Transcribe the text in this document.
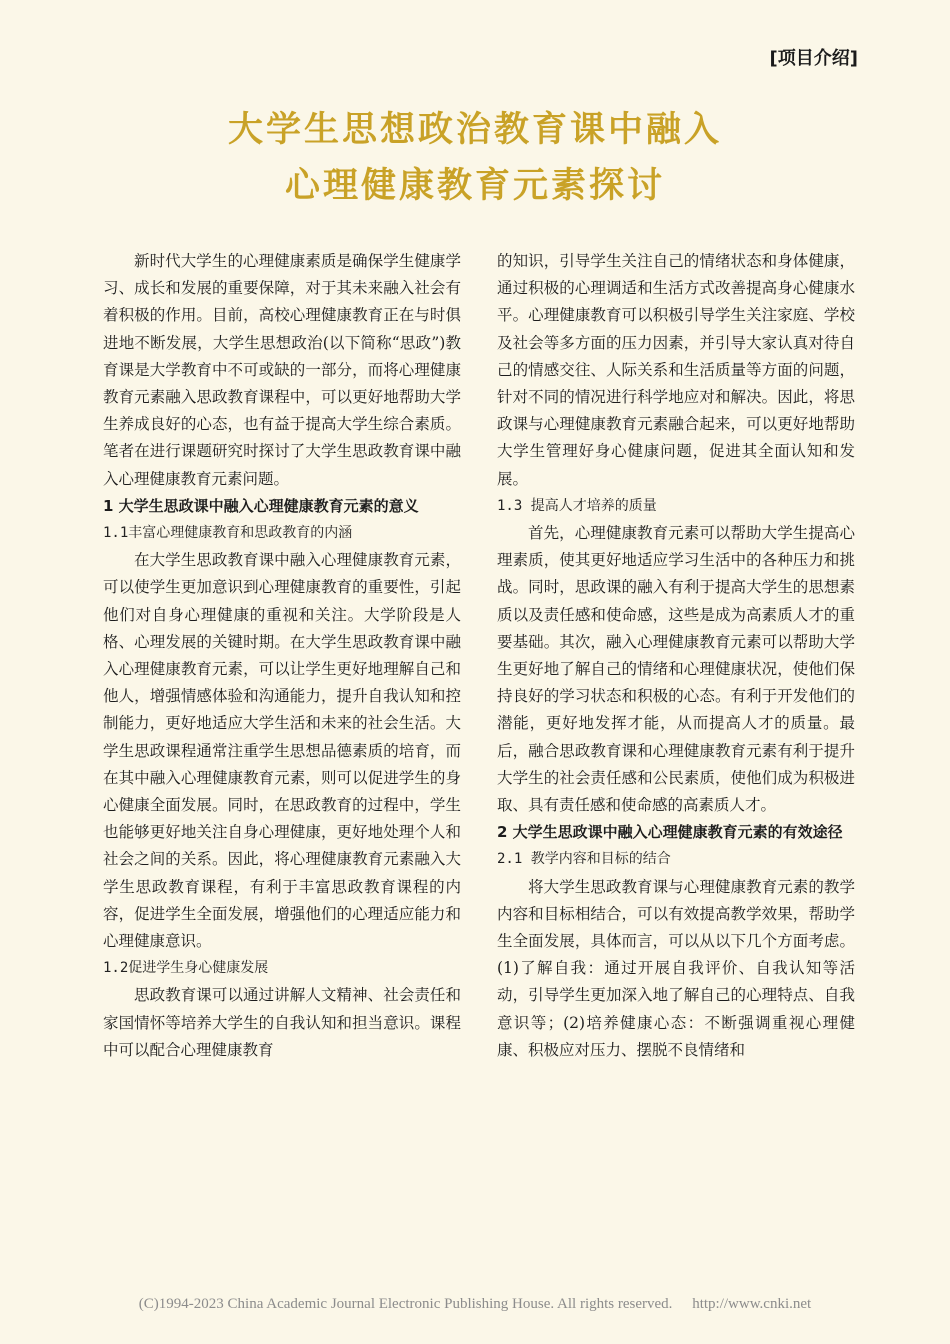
[项目介绍]
大学生思想政治教育课中融入
心理健康教育元素探讨

新时代大学生的心理健康素质是确保学生健康学习、成长和发展的重要保障，对于其未来融入社会有着积极的作用。目前，高校心理健康教育正在与时俱进地不断发展，大学生思想政治(以下简称“思政”)教育课是大学教育中不可或缺的一部分，而将心理健康教育元素融入思政教育课程中，可以更好地帮助大学生养成良好的心态，也有益于提高大学生综合素质。笔者在进行课题研究时探讨了大学生思政教育课中融入心理健康教育元素问题。

1 大学生思政课中融入心理健康教育元素的意义

1.1丰富心理健康教育和思政教育的内涵

在大学生思政教育课中融入心理健康教育元素，可以使学生更加意识到心理健康教育的重要性，引起他们对自身心理健康的重视和关注。大学阶段是人格、心理发展的关键时期。在大学生思政教育课中融入心理健康教育元素，可以让学生更好地理解自己和他人，增强情感体验和沟通能力，提升自我认知和控制能力，更好地适应大学生活和未来的社会生活。大学生思政课程通常注重学生思想品德素质的培育，而在其中融入心理健康教育元素，则可以促进学生的身心健康全面发展。同时，在思政教育的过程中，学生也能够更好地关注自身心理健康，更好地处理个人和社会之间的关系。因此，将心理健康教育元素融入大学生思政教育课程，有利于丰富思政教育课程的内容，促进学生全面发展，增强他们的心理适应能力和心理健康意识。

1.2促进学生身心健康发展

思政教育课可以通过讲解人文精神、社会责任和家国情怀等培养大学生的自我认知和担当意识。课程中可以配合心理健康教育

的知识，引导学生关注自己的情绪状态和身体健康，通过积极的心理调适和生活方式改善提高身心健康水平。心理健康教育可以积极引导学生关注家庭、学校及社会等多方面的压力因素，并引导大家认真对待自己的情感交往、人际关系和生活质量等方面的问题，针对不同的情况进行科学地应对和解决。因此，将思政课与心理健康教育元素融合起来，可以更好地帮助大学生管理好身心健康问题，促进其全面认知和发展。

1.3 提高人才培养的质量

首先，心理健康教育元素可以帮助大学生提高心理素质，使其更好地适应学习生活中的各种压力和挑战。同时，思政课的融入有利于提高大学生的思想素质以及责任感和使命感，这些是成为高素质人才的重要基础。其次，融入心理健康教育元素可以帮助大学生更好地了解自己的情绪和心理健康状况，使他们保持良好的学习状态和积极的心态。有利于开发他们的潜能，更好地发挥才能，从而提高人才的质量。最后，融合思政教育课和心理健康教育元素有利于提升大学生的社会责任感和公民素质，使他们成为积极进取、具有责任感和使命感的高素质人才。

2 大学生思政课中融入心理健康教育元素的有效途径

2.1 教学内容和目标的结合

将大学生思政教育课与心理健康教育元素的教学内容和目标相结合，可以有效提高教学效果，帮助学生全面发展，具体而言，可以从以下几个方面考虑。(1)了解自我：通过开展自我评价、自我认知等活动，引导学生更加深入地了解自己的心理特点、自我意识等；(2)培养健康心态：不断强调重视心理健康、积极应对压力、摆脱不良情绪和

(C)1994-2023 China Academic Journal Electronic Publishing House. All rights reserved. http://www.cnki.net
